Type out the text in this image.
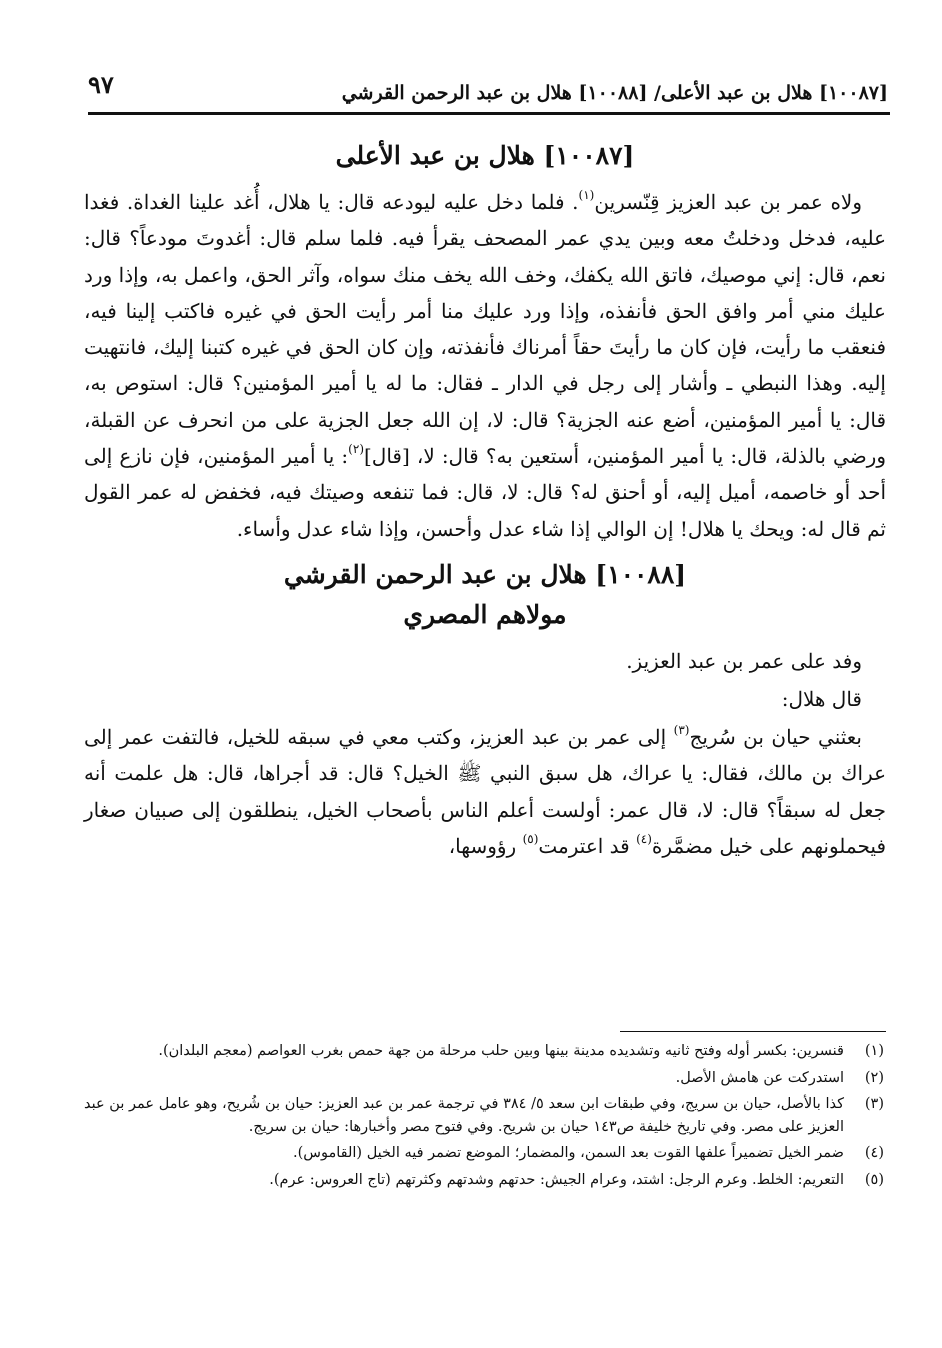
[١٠٠٨٧] هلال بن عبد الأعلى/ [١٠٠٨٨] هلال بن عبد الرحمن القرشي
٩٧
[١٠٠٨٧] هلال بن عبد الأعلى

ولاه عمر بن عبد العزيز قِنّسرين$^{(١)}$. فلما دخل عليه ليودعه قال: يا هلال، أُغد علينا الغداة. فغدا عليه، فدخل ودخلتُ معه وبين يدي عمر المصحف يقرأ فيه. فلما سلم قال: أغدوتَ مودعاً؟ قال: نعم، قال: إني موصيك، فاتق الله يكفك، وخف الله يخف منك سواه، وآثر الحق، واعمل به، وإذا ورد عليك مني أمر وافق الحق فأنفذه، وإذا ورد عليك منا أمر رأيت الحق في غيره فاكتب إلينا فيه، فنعقب ما رأيت، فإن كان ما رأيتَ حقاً أمرناك فأنفذته، وإن كان الحق في غيره كتبنا إليك، فانتهيت إليه. وهذا النبطي ـ وأشار إلى رجل في الدار ـ فقال: ما له يا أمير المؤمنين؟ قال: استوص به، قال: يا أمير المؤمنين، أضع عنه الجزية؟ قال: لا، إن الله جعل الجزية على من انحرف عن القبلة، ورضي بالذلة، قال: يا أمير المؤمنين، أستعين به؟ قال: لا، [قال]$^{(٢)}$: يا أمير المؤمنين، فإن نازع إلى أحد أو خاصمه، أميل إليه، أو أحنق له؟ قال: لا، قال: فما تنفعه وصيتك فيه، فخفض له عمر القول ثم قال له: ويحك يا هلال! إن الوالي إذا شاء عدل وأحسن، وإذا شاء عدل وأساء.

[١٠٠٨٨] هلال بن عبد الرحمن القرشي
مولاهم المصري

وفد على عمر بن عبد العزيز.

قال هلال:

بعثني حيان بن سُريج$^{(٣)}$ إلى عمر بن عبد العزيز، وكتب معي في سبقه للخيل، فالتفت عمر إلى عراك بن مالك، فقال: يا عراك، هل سبق النبي ﷺ الخيل؟ قال: قد أجراها، قال: هل علمت أنه جعل له سبقاً؟ قال: لا، قال عمر: أولست أعلم الناس بأصحاب الخيل، ينطلقون إلى صبيان صغار فيحملونهم على خيل مضمَّرة$^{(٤)}$ قد اعترمت$^{(٥)}$ رؤوسها،

(١)
قنسرين: بكسر أوله وفتح ثانيه وتشديده مدينة بينها وبين حلب مرحلة من جهة حمص بغرب العواصم (معجم البلدان).
(٢)
استدركت عن هامش الأصل.
(٣)
كذا بالأصل، حيان بن سريج، وفي طبقات ابن سعد ٥/ ٣٨٤ في ترجمة عمر بن عبد العزيز: حيان بن شُريح، وهو عامل عمر بن عبد العزيز على مصر. وفي تاريخ خليفة ص١٤٣ حيان بن شريح. وفي فتوح مصر وأخبارها: حيان بن سريج.
(٤)
ضمر الخيل تضميراً علفها القوت بعد السمن، والمضمار؛ الموضع تضمر فيه الخيل (القاموس).
(٥)
التعريم: الخلط. وعرم الرجل: اشتد، وعرام الجيش: حدتهم وشدتهم وكثرتهم (تاج العروس: عرم).
